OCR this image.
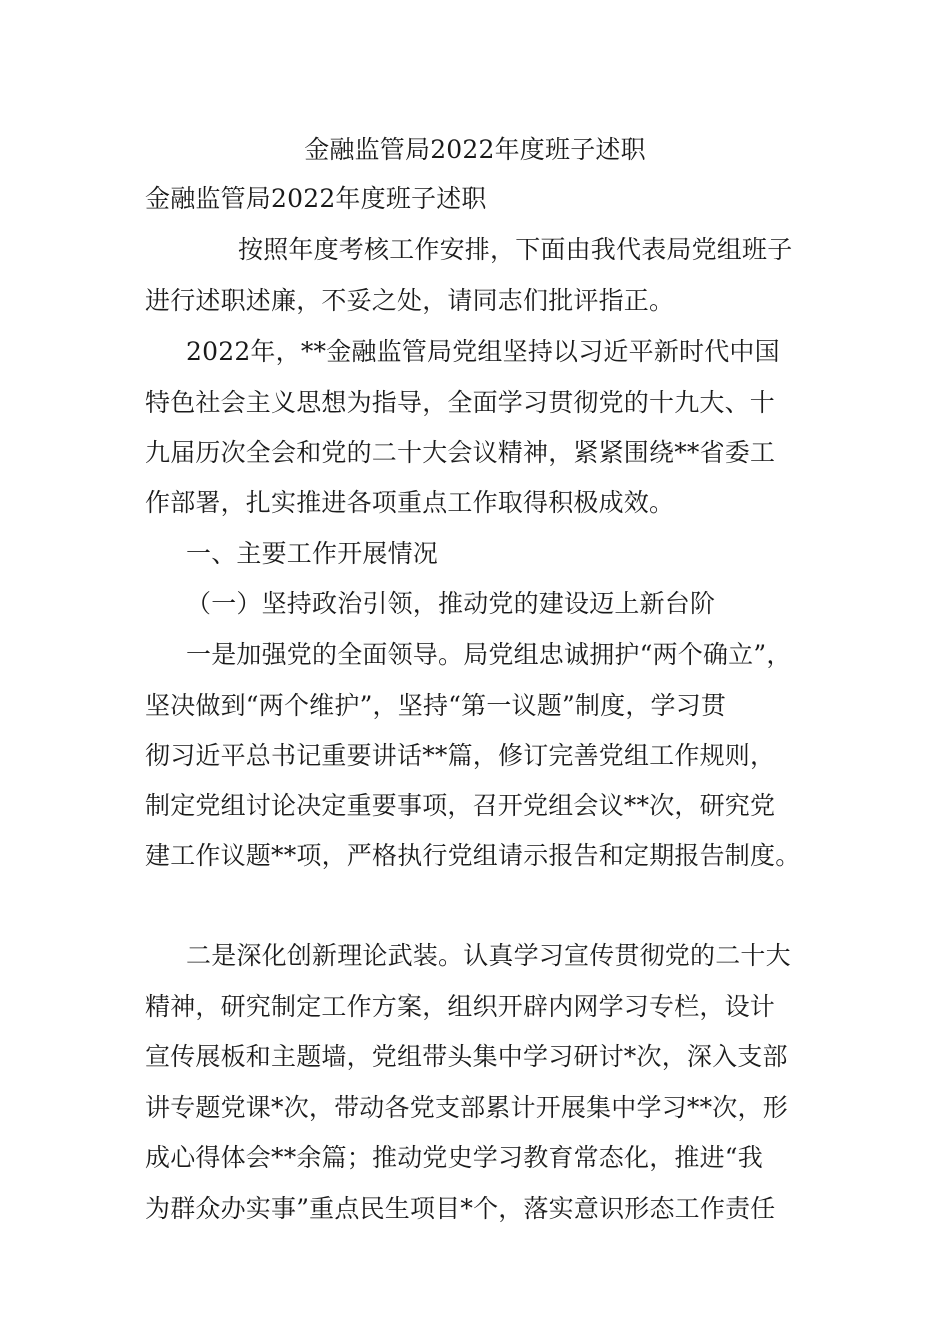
金融监管局2022年度班子述职
金融监管局2022年度班子述职
按照年度考核工作安排，下面由我代表局党组班子
进行述职述廉，不妥之处，请同志们批评指正。
2022年，**金融监管局党组坚持以习近平新时代中国
特色社会主义思想为指导，全面学习贯彻党的十九大、十
九届历次全会和党的二十大会议精神，紧紧围绕**省委工
作部署，扎实推进各项重点工作取得积极成效。
一、主要工作开展情况
（一）坚持政治引领，推动党的建设迈上新台阶
一是加强党的全面领导。局党组忠诚拥护“两个确立”，
坚决做到“两个维护”，坚持“第一议题”制度，学习贯
彻习近平总书记重要讲话**篇，修订完善党组工作规则，
制定党组讨论决定重要事项，召开党组会议**次，研究党
建工作议题**项，严格执行党组请示报告和定期报告制度。
二是深化创新理论武装。认真学习宣传贯彻党的二十大
精神，研究制定工作方案，组织开辟内网学习专栏，设计
宣传展板和主题墙，党组带头集中学习研讨*次，深入支部
讲专题党课*次，带动各党支部累计开展集中学习**次，形
成心得体会**余篇；推动党史学习教育常态化，推进“我
为群众办实事”重点民生项目*个，落实意识形态工作责任
